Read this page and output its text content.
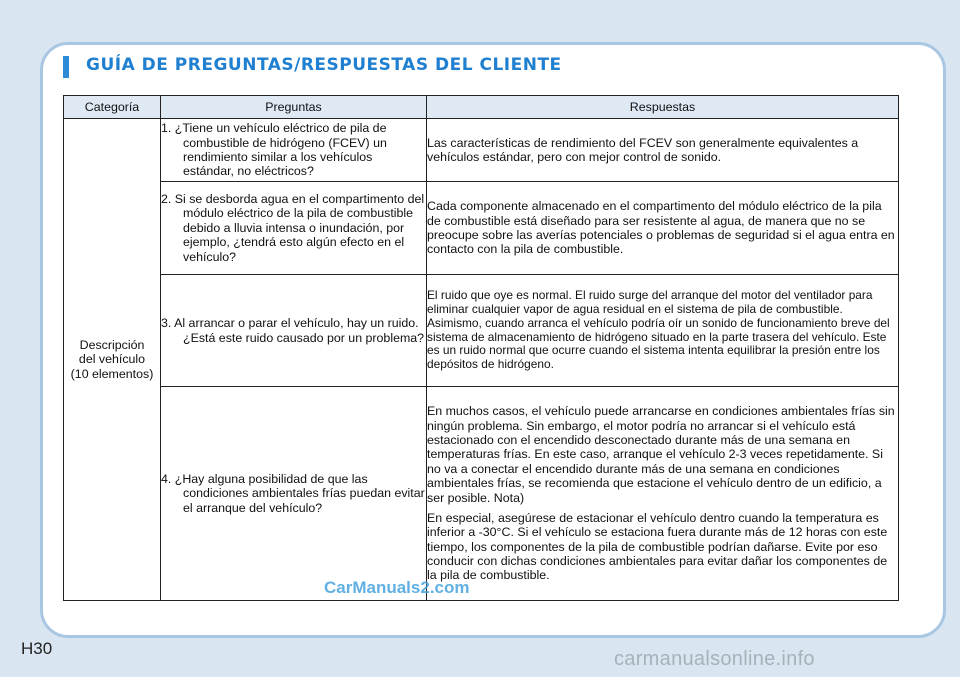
GUÍA DE PREGUNTAS/RESPUESTAS DEL CLIENTE
Categoría	Preguntas	Respuestas
Descripción
del vehículo
(10 elementos)	1. ¿Tiene un vehículo eléctrico de pila de combustible de hidrógeno (FCEV) un rendimiento similar a los vehículos estándar, no eléctricos?	Las características de rendimiento del FCEV son generalmente equivalentes a vehículos estándar, pero con mejor control de sonido.

	2. Si se desborda agua en el compartimento del módulo eléctrico de la pila de combustible debido a lluvia intensa o inundación, por ejemplo, ¿tendrá esto algún efecto en el vehículo?	Cada componente almacenado en el compartimento del módulo eléctrico de la pila de combustible está diseñado para ser resistente al agua, de manera que no se preocupe sobre las averías potenciales o problemas de seguridad si el agua entra en contacto con la pila de combustible.

	3. Al arrancar o parar el vehículo, hay un ruido. ¿Está este ruido causado por un problema?	El ruido que oye es normal. El ruido surge del arranque del motor del ventilador para eliminar cualquier vapor de agua residual en el sistema de pila de combustible. Asimismo, cuando arranca el vehículo podría oír un sonido de funcionamiento breve del sistema de almacenamiento de hidrógeno situado en la parte trasera del vehículo. Este es un ruido normal que ocurre cuando el sistema intenta equilibrar la presión entre los depósitos de hidrógeno.

	4. ¿Hay alguna posibilidad de que las condiciones ambientales frías puedan evitar el arranque del vehículo?	En muchos casos, el vehículo puede arrancarse en condiciones ambientales frías sin ningún problema. Sin embargo, el motor podría no arrancar si el vehículo está estacionado con el encendido desconectado durante más de una semana en temperaturas frías. En este caso, arranque el vehículo 2-3 veces repetidamente. Si no va a conectar el encendido durante más de una semana en condiciones ambientales frías, se recomienda que estacione el vehículo dentro de un edificio, a ser posible. Nota)

En especial, asegúrese de estacionar el vehículo dentro cuando la temperatura es inferior a -30°C. Si el vehículo se estaciona fuera durante más de 12 horas con este tiempo, los componentes de la pila de combustible podrían dañarse. Evite por eso conducir con dichas condiciones ambientales para evitar dañar los componentes de la pila de combustible.

CarManuals2.com
H30	carmanualsonline.info
